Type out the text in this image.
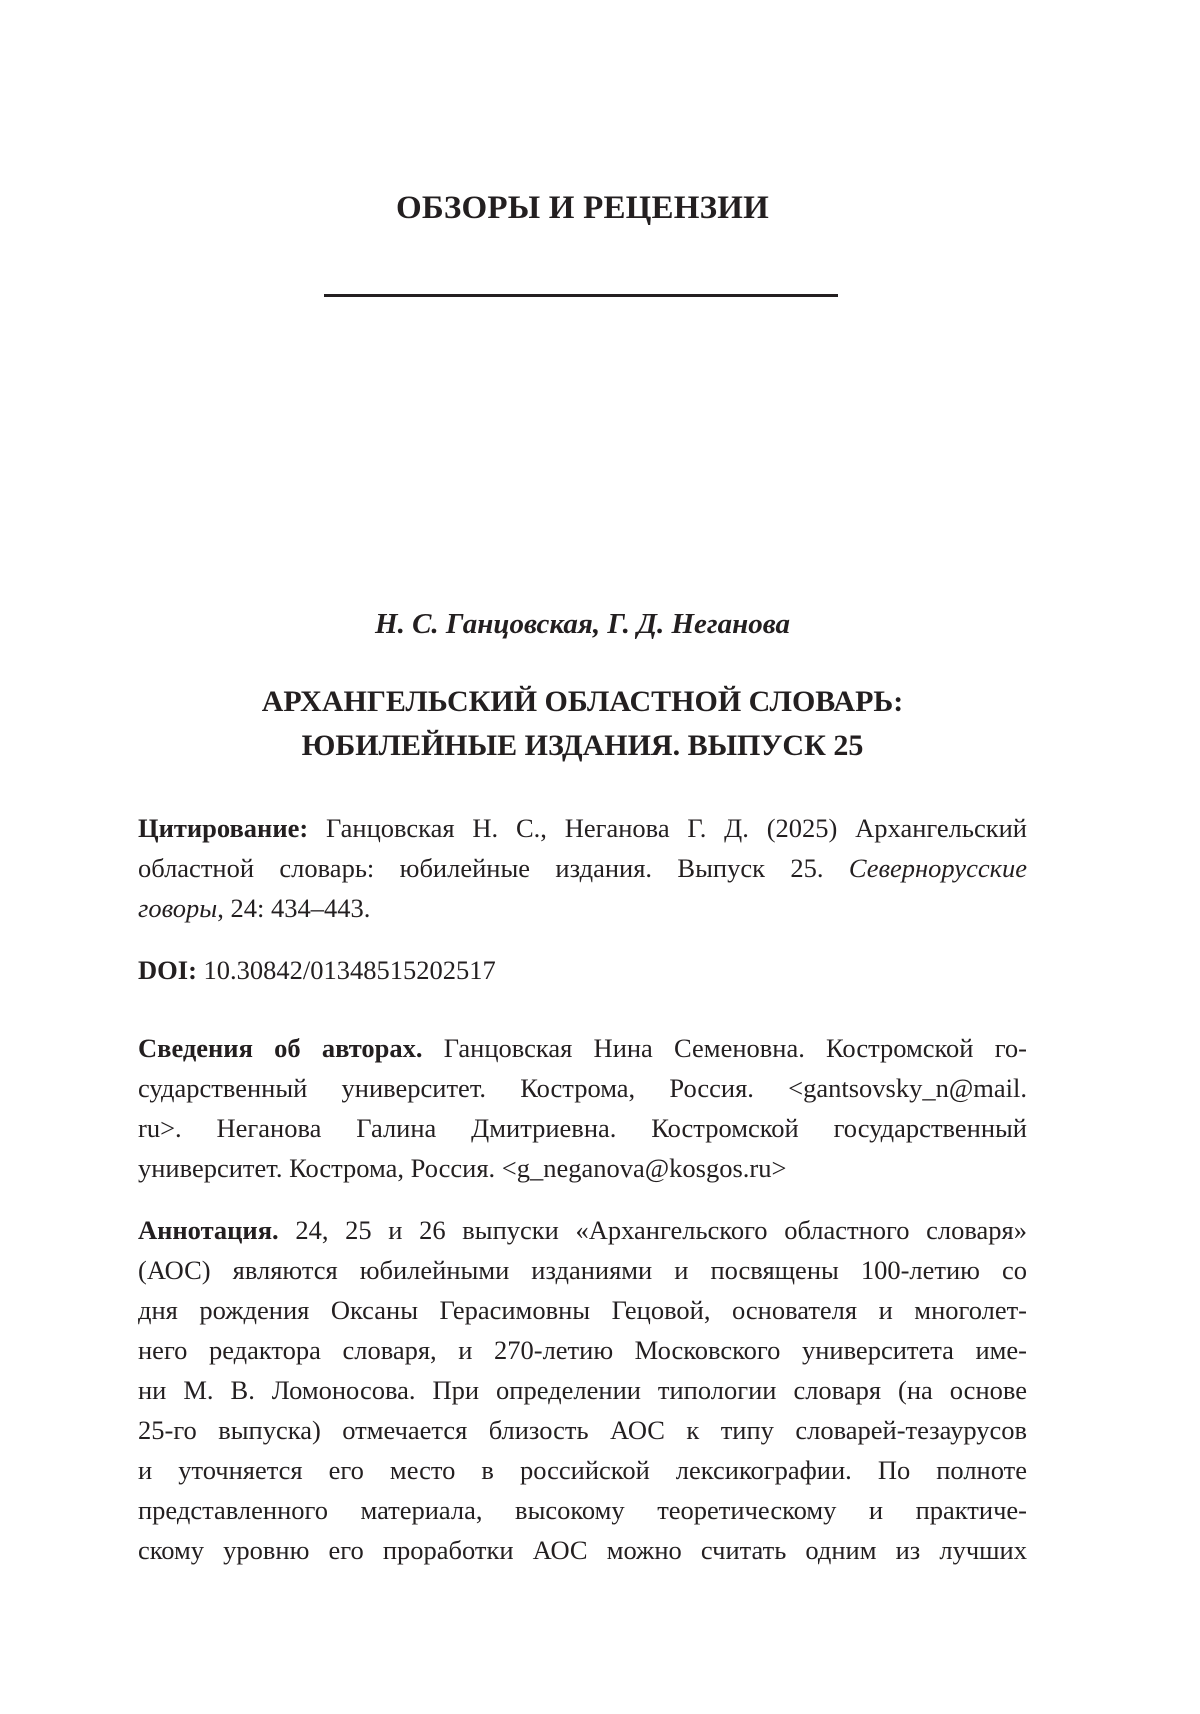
ОБЗОРЫ И РЕЦЕНЗИИ
Н. С. Ганцовская, Г. Д. Неганова
АРХАНГЕЛЬСКИЙ ОБЛАСТНОЙ СЛОВАРЬ:
ЮБИЛЕЙНЫЕ ИЗДАНИЯ. ВЫПУСК 25
Цитирование: Ганцовская Н. С., Неганова Г. Д. (2025) Архангельский
областной словарь: юбилейные издания. Выпуск 25. Севернорусские
говоры, 24: 434–443.
DOI: 10.30842/01348515202517
Сведения об авторах. Ганцовская Нина Семеновна. Костромской го-
сударственный университет. Кострома, Россия. <gantsovsky_n@mail.
ru>. Неганова Галина Дмитриевна. Костромской государственный
университет. Кострома, Россия. <g_neganova@kosgos.ru>
Аннотация. 24, 25 и 26 выпуски «Архангельского областного словаря»
(АОС) являются юбилейными изданиями и посвящены 100-летию со
дня рождения Оксаны Герасимовны Гецовой, основателя и многолет-
него редактора словаря, и 270-летию Московского университета име-
ни М. В. Ломоносова. При определении типологии словаря (на основе
25-го выпуска) отмечается близость АОС к типу словарей-тезаурусов
и уточняется его место в российской лексикографии. По полноте
представленного материала, высокому теоретическому и практиче-
скому уровню его проработки АОС можно считать одним из лучших
